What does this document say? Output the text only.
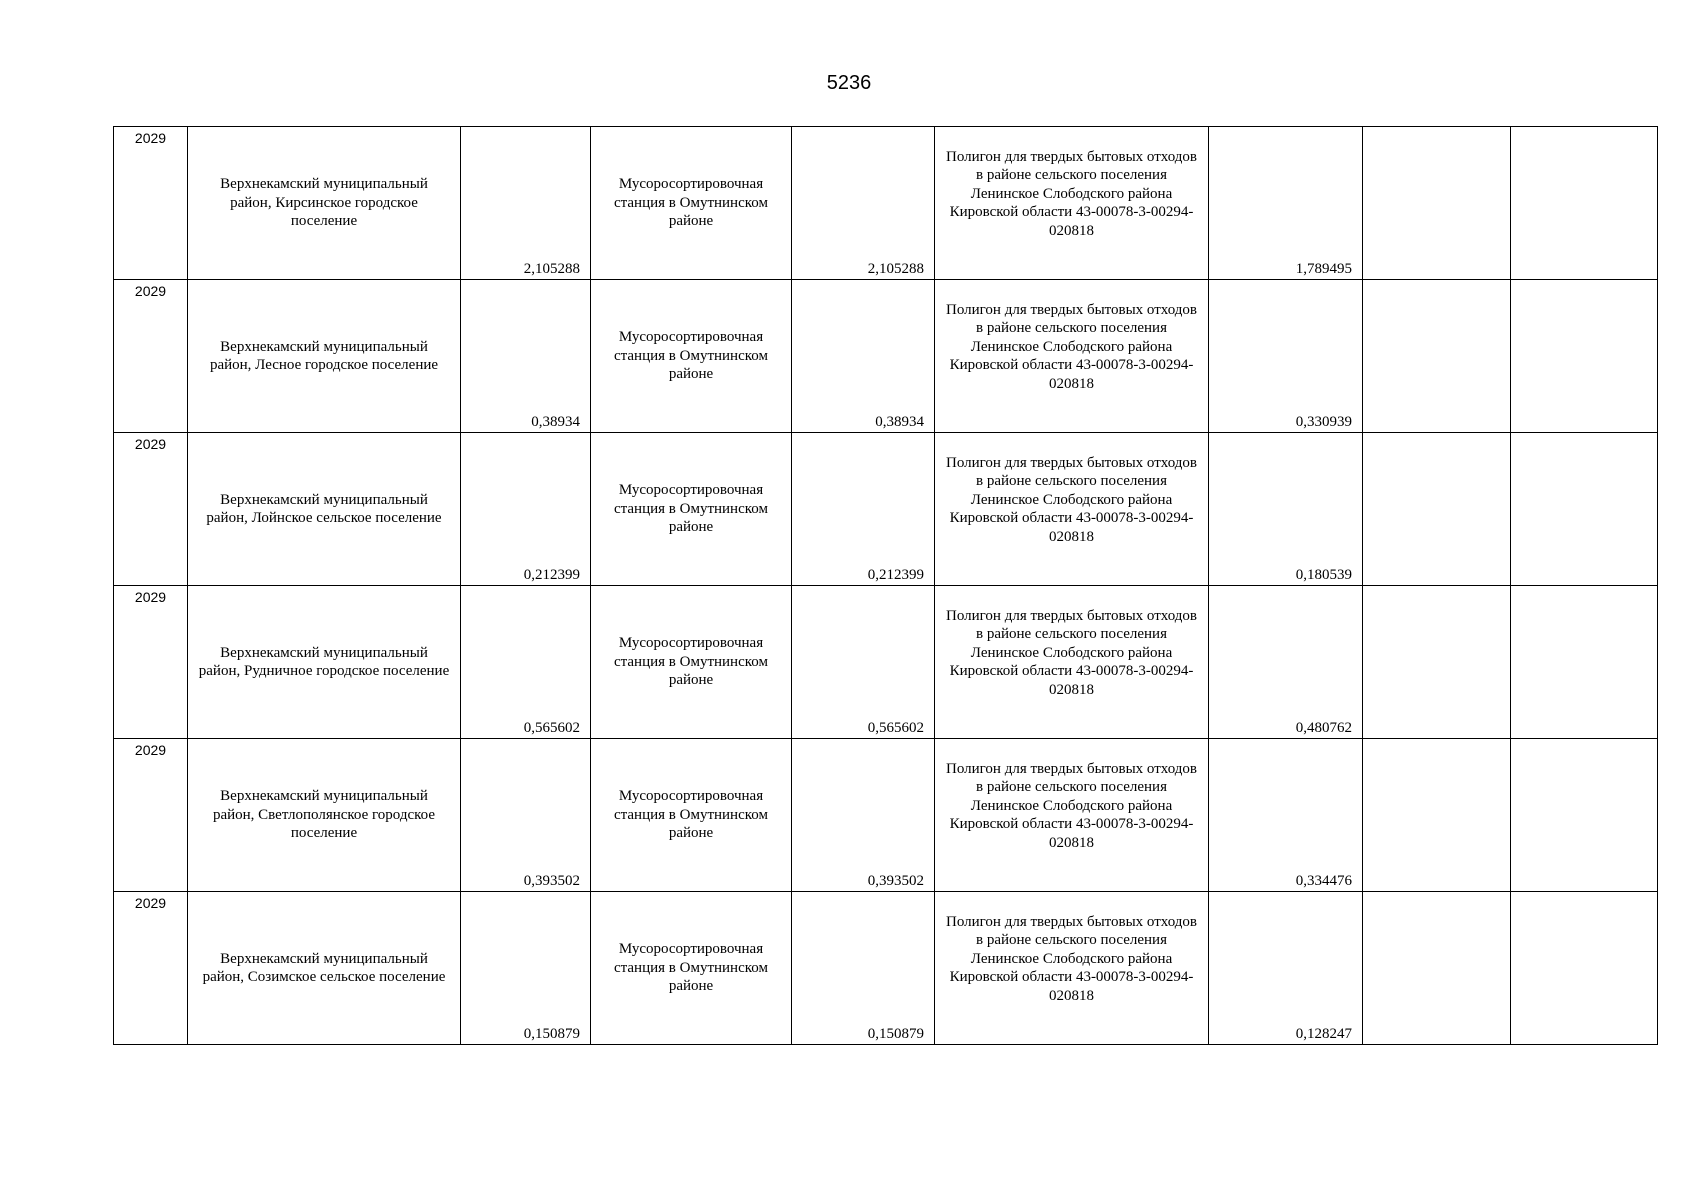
5236
2029	Верхнекамский муниципальный район, Кирсинское городское поселение	2,105288	Мусоросортировочная станция в Омутнинском районе	2,105288	Полигон для твердых бытовых отходов в районе сельского поселения Ленинское Слободского района Кировской области 43-00078-3-00294-020818	1,789495		

2029	Верхнекамский муниципальный район, Лесное городское поселение	0,38934	Мусоросортировочная станция в Омутнинском районе	0,38934	Полигон для твердых бытовых отходов в районе сельского поселения Ленинское Слободского района Кировской области 43-00078-3-00294-020818	0,330939		

2029	Верхнекамский муниципальный район, Лойнское сельское поселение	0,212399	Мусоросортировочная станция в Омутнинском районе	0,212399	Полигон для твердых бытовых отходов в районе сельского поселения Ленинское Слободского района Кировской области 43-00078-3-00294-020818	0,180539		

2029	Верхнекамский муниципальный район, Рудничное городское поселение	0,565602	Мусоросортировочная станция в Омутнинском районе	0,565602	Полигон для твердых бытовых отходов в районе сельского поселения Ленинское Слободского района Кировской области 43-00078-3-00294-020818	0,480762		

2029	Верхнекамский муниципальный район, Светлополянское городское поселение	0,393502	Мусоросортировочная станция в Омутнинском районе	0,393502	Полигон для твердых бытовых отходов в районе сельского поселения Ленинское Слободского района Кировской области 43-00078-3-00294-020818	0,334476		

2029	Верхнекамский муниципальный район, Созимское сельское поселение	0,150879	Мусоросортировочная станция в Омутнинском районе	0,150879	Полигон для твердых бытовых отходов в районе сельского поселения Ленинское Слободского района Кировской области 43-00078-3-00294-020818	0,128247		
